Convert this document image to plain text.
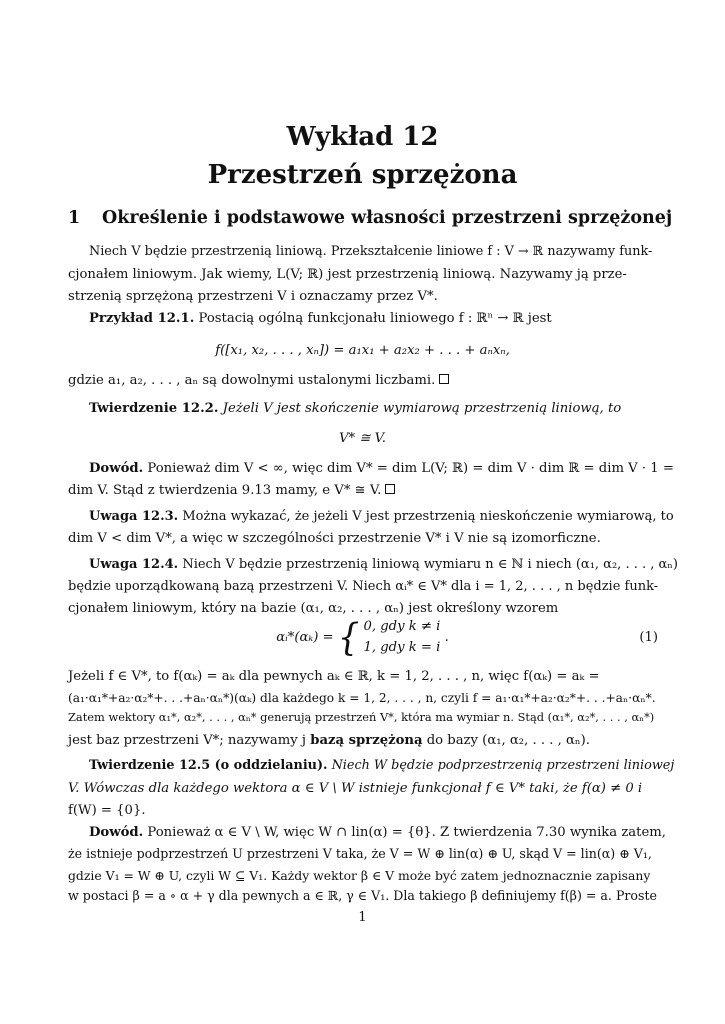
Wykład 12
Przestrzeń sprzężona
1 Określenie i podstawowe własności przestrzeni sprzężonej
Niech V będzie przestrzenią liniową. Przekształcenie liniowe f : V → ℝ nazywamy funk-
cjonałem liniowym. Jak wiemy, L(V; ℝ) jest przestrzenią liniową. Nazywamy ją prze-
strzenią sprzężoną przestrzeni V i oznaczamy przez V*.
Przykład 12.1. Postacią ogólną funkcjonału liniowego f : ℝⁿ → ℝ jest
f([x₁, x₂, . . . , xₙ]) = a₁x₁ + a₂x₂ + . . . + aₙxₙ,
gdzie a₁, a₂, . . . , aₙ są dowolnymi ustalonymi liczbami.
Twierdzenie 12.2. Jeżeli V jest skończenie wymiarową przestrzenią liniową, to
V* ≅ V.
Dowód. Ponieważ dim V < ∞, więc dim V* = dim L(V; ℝ) = dim V · dim ℝ = dim V · 1 =
dim V. Stąd z twierdzenia 9.13 mamy, e V* ≅ V.
Uwaga 12.3. Można wykazać, że jeżeli V jest przestrzenią nieskończenie wymiarową, to
dim V < dim V*, a więc w szczególności przestrzenie V* i V nie są izomorficzne.
Uwaga 12.4. Niech V będzie przestrzenią liniową wymiaru n ∈ ℕ i niech (α₁, α₂, . . . , αₙ)
będzie uporządkowaną bazą przestrzeni V. Niech αᵢ* ∈ V* dla i = 1, 2, . . . , n będzie funk-
cjonałem liniowym, który na bazie (α₁, α₂, . . . , αₙ) jest określony wzorem
αᵢ*(αₖ) = { 0, gdy k ≠ i
1, gdy k = i .	(1)
Jeżeli f ∈ V*, to f(αₖ) = aₖ dla pewnych aₖ ∈ ℝ, k = 1, 2, . . . , n, więc f(αₖ) = aₖ =
(a₁·α₁*+a₂·α₂*+. . .+aₙ·αₙ*)(αₖ) dla każdego k = 1, 2, . . . , n, czyli f = a₁·α₁*+a₂·α₂*+. . .+aₙ·αₙ*.
Zatem wektory α₁*, α₂*, . . . , αₙ* generują przestrzeń V*, która ma wymiar n. Stąd (α₁*, α₂*, . . . , αₙ*)
jest baz przestrzeni V*; nazywamy j bazą sprzężoną do bazy (α₁, α₂, . . . , αₙ).
Twierdzenie 12.5 (o oddzielaniu). Niech W będzie podprzestrzenią przestrzeni liniowej
V. Wówczas dla każdego wektora α ∈ V \ W istnieje funkcjonał f ∈ V* taki, że f(α) ≠ 0 i
f(W) = {0}.
Dowód. Ponieważ α ∈ V \ W, więc W ∩ lin(α) = {θ}. Z twierdzenia 7.30 wynika zatem,
że istnieje podprzestrzeń U przestrzeni V taka, że V = W ⊕ lin(α) ⊕ U, skąd V = lin(α) ⊕ V₁,
gdzie V₁ = W ⊕ U, czyli W ⊆ V₁. Każdy wektor β ∈ V może być zatem jednoznacznie zapisany
w postaci β = a ∘ α + γ dla pewnych a ∈ ℝ, γ ∈ V₁. Dla takiego β definiujemy f(β) = a. Proste
1
